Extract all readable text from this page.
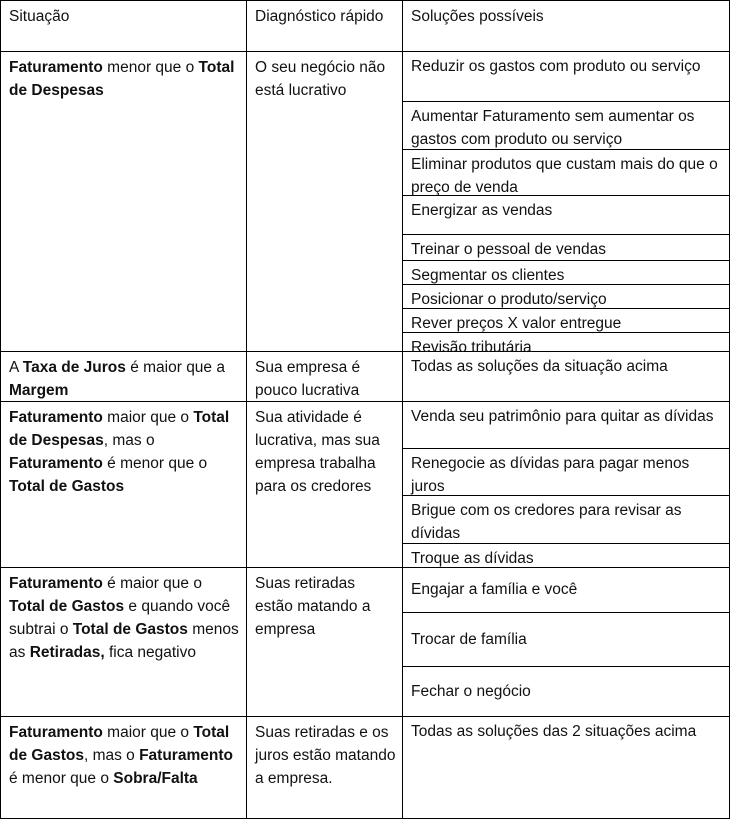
Situação	Diagnóstico rápido	Soluções possíveis
Faturamento menor que o Total de Despesas
O seu negócio não está lucrativo
Reduzir os gastos com produto ou serviço
Aumentar Faturamento sem aumentar os gastos com produto ou serviço
Eliminar produtos que custam mais do que o preço de venda
Energizar as vendas
Treinar o pessoal de vendas
Segmentar os clientes
Posicionar o produto/serviço
Rever preços X valor entregue
Revisão tributária
A Taxa de Juros é maior que a Margem
Sua empresa é pouco lucrativa
Todas as soluções da situação acima
Faturamento maior que o Total de Despesas, mas o Faturamento é menor que o Total de Gastos
Sua atividade é lucrativa, mas sua empresa trabalha para os credores
Venda seu patrimônio para quitar as dívidas
Renegocie as dívidas para pagar menos juros
Brigue com os credores para revisar as dívidas
Troque as dívidas
Faturamento é maior que o Total de Gastos e quando você subtrai o Total de Gastos menos as Retiradas, fica negativo
Suas retiradas estão matando a empresa
Engajar a família e você
Trocar de família
Fechar o negócio
Faturamento maior que o Total de Gastos, mas o Faturamento é menor que o Sobra/Falta
Suas retiradas e os juros estão matando a empresa.
Todas as soluções das 2 situações acima
